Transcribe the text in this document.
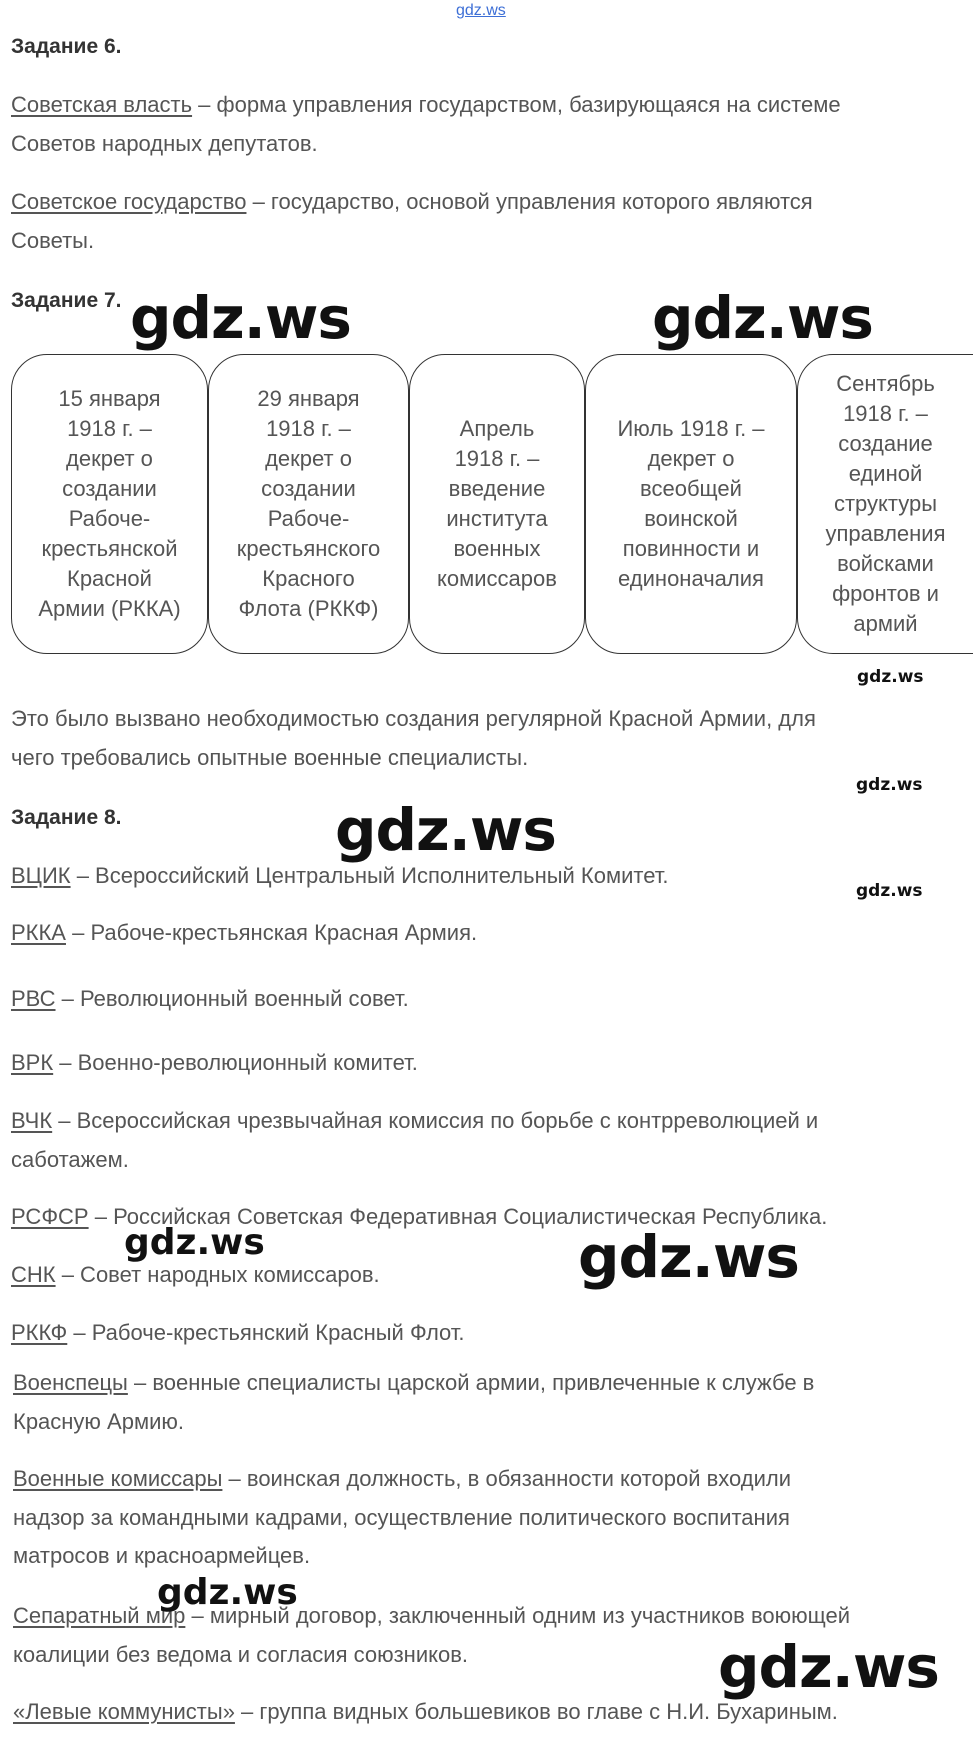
gdz.ws
Задание 6.
Советская власть – форма управления государством, базирующаяся на системе
Советов народных депутатов.
Советское государство – государство, основой управления которого являются
Советы.
Задание 7.
15 января
1918 г. –
декрет о
создании
Рабоче-
крестьянской
Красной
Армии (РККА)
29 января
1918 г. –
декрет о
создании
Рабоче-
крестьянского
Красного
Флота (РККФ)
Апрель
1918 г. –
введение
института
военных
комиссаров
Июль 1918 г. –
декрет о
всеобщей
воинской
повинности и
единоначалия
Сентябрь
1918 г. –
создание
единой
структуры
управления
войсками
фронтов и
армий
Это было вызвано необходимостью создания регулярной Красной Армии, для
чего требовались опытные военные специалисты.
Задание 8.
ВЦИК – Всероссийский Центральный Исполнительный Комитет.
РККА – Рабоче-крестьянская Красная Армия.
РВС – Революционный военный совет.
ВРК – Военно-революционный комитет.
ВЧК – Всероссийская чрезвычайная комиссия по борьбе с контрреволюцией и
саботажем.
РСФСР – Российская Советская Федеративная Социалистическая Республика.
СНК – Совет народных комиссаров.
РККФ – Рабоче-крестьянский Красный Флот.
Военспецы – военные специалисты царской армии, привлеченные к службе в
Красную Армию.
Военные комиссары – воинская должность, в обязанности которой входили
надзор за командными кадрами, осуществление политического воспитания
матросов и красноармейцев.
Сепаратный мир – мирный договор, заключенный одним из участников воюющей
коалиции без ведома и согласия союзников.
«Левые коммунисты» – группа видных большевиков во главе с Н.И. Бухариным.
gdz.ws	gdz.ws
gdz.ws
gdz.ws
gdz.ws
gdz.ws
gdz.ws
gdz.ws
gdz.ws
gdz.ws
